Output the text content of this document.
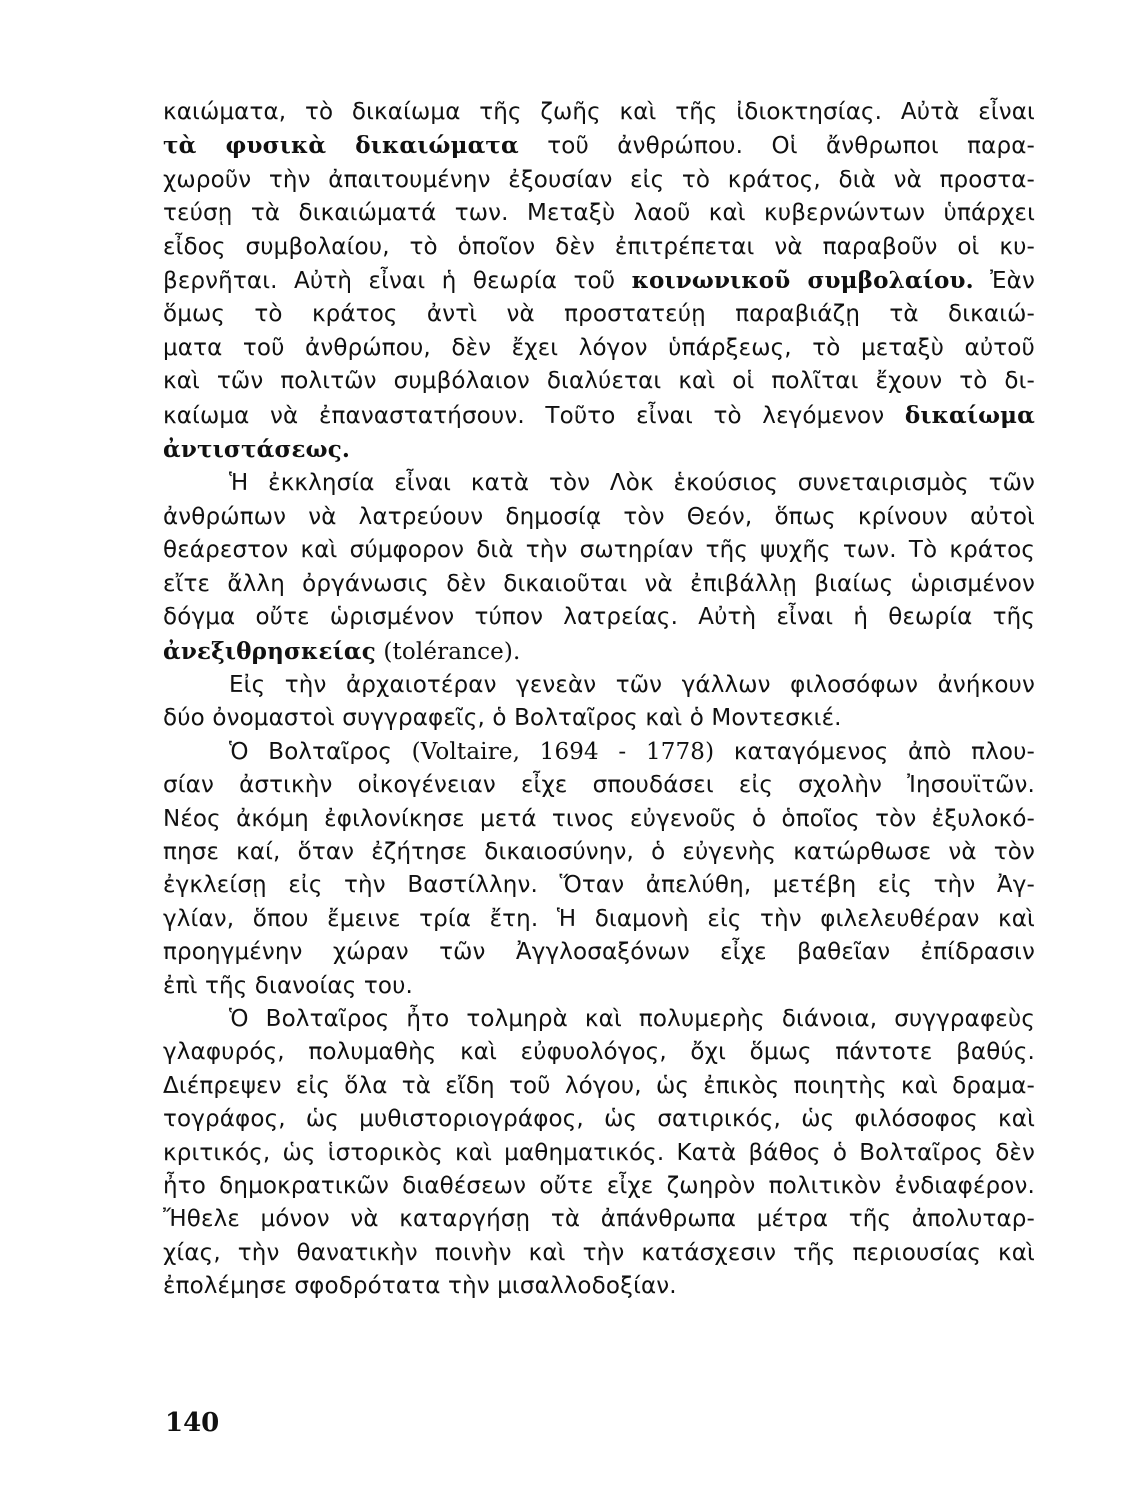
καιώματα, τὸ δικαίωμα τῆς ζωῆς καὶ τῆς ἰδιοκτησίας. Αὐτὰ εἶναι
τὰ φυσικὰ δικαιώματα τοῦ ἀνθρώπου. Οἱ ἄνθρωποι παρα-
χωροῦν τὴν ἀπαιτουμένην ἐξουσίαν εἰς τὸ κράτος, διὰ νὰ προστα-
τεύσῃ τὰ δικαιώματά των. Μεταξὺ λαοῦ καὶ κυβερνώντων ὑπάρχει
εἶδος συμβολαίου, τὸ ὁποῖον δὲν ἐπιτρέπεται νὰ παραβοῦν οἱ κυ-
βερνῆται. Αὐτὴ εἶναι ἡ θεωρία τοῦ κοινωνικοῦ συμβολαίου. Ἐὰν
ὅμως τὸ κράτος ἀντὶ νὰ προστατεύῃ παραβιάζῃ τὰ δικαιώ-
ματα τοῦ ἀνθρώπου, δὲν ἔχει λόγον ὑπάρξεως, τὸ μεταξὺ αὐτοῦ
καὶ τῶν πολιτῶν συμβόλαιον διαλύεται καὶ οἱ πολῖται ἔχουν τὸ δι-
καίωμα νὰ ἐπαναστατήσουν. Τοῦτο εἶναι τὸ λεγόμενον δικαίωμα
ἀντιστάσεως.
Ἡ ἐκκλησία εἶναι κατὰ τὸν Λὸκ ἑκούσιος συνεταιρισμὸς τῶν
ἀνθρώπων νὰ λατρεύουν δημοσίᾳ τὸν Θεόν, ὅπως κρίνουν αὐτοὶ
θεάρεστον καὶ σύμφορον διὰ τὴν σωτηρίαν τῆς ψυχῆς των. Τὸ κράτος
εἴτε ἄλλη ὀργάνωσις δὲν δικαιοῦται νὰ ἐπιβάλλῃ βιαίως ὡρισμένον
δόγμα οὔτε ὡρισμένον τύπον λατρείας. Αὐτὴ εἶναι ἡ θεωρία τῆς
ἀνεξιθρησκείας (tolérance).
Εἰς τὴν ἀρχαιοτέραν γενεὰν τῶν γάλλων φιλοσόφων ἀνήκουν
δύο ὀνομαστοὶ συγγραφεῖς, ὁ Βολταῖρος καὶ ὁ Μοντεσκιέ.
Ὁ Βολταῖρος (Voltaire, 1694 - 1778) καταγόμενος ἀπὸ πλου-
σίαν ἀστικὴν οἰκογένειαν εἶχε σπουδάσει εἰς σχολὴν Ἰησουϊτῶν.
Νέος ἀκόμη ἐφιλονίκησε μετά τινος εὐγενοῦς ὁ ὁποῖος τὸν ἐξυλοκό-
πησε καί, ὅταν ἐζήτησε δικαιοσύνην, ὁ εὐγενὴς κατώρθωσε νὰ τὸν
ἐγκλείσῃ εἰς τὴν Βαστίλλην. Ὅταν ἀπελύθη, μετέβη εἰς τὴν Ἀγ-
γλίαν, ὅπου ἔμεινε τρία ἔτη. Ἡ διαμονὴ εἰς τὴν φιλελευθέραν καὶ
προηγμένην χώραν τῶν Ἀγγλοσαξόνων εἶχε βαθεῖαν ἐπίδρασιν
ἐπὶ τῆς διανοίας του.
Ὁ Βολταῖρος ἦτο τολμηρὰ καὶ πολυμερὴς διάνοια, συγγραφεὺς
γλαφυρός, πολυμαθὴς καὶ εὐφυολόγος, ὄχι ὅμως πάντοτε βαθύς.
Διέπρεψεν εἰς ὅλα τὰ εἴδη τοῦ λόγου, ὡς ἐπικὸς ποιητὴς καὶ δραμα-
τογράφος, ὡς μυθιστοριογράφος, ὡς σατιρικός, ὡς φιλόσοφος καὶ
κριτικός, ὡς ἱστορικὸς καὶ μαθηματικός. Κατὰ βάθος ὁ Βολταῖρος δὲν
ἦτο δημοκρατικῶν διαθέσεων οὔτε εἶχε ζωηρὸν πολιτικὸν ἐνδιαφέρον.
Ἤθελε μόνον νὰ καταργήσῃ τὰ ἀπάνθρωπα μέτρα τῆς ἀπολυταρ-
χίας, τὴν θανατικὴν ποινὴν καὶ τὴν κατάσχεσιν τῆς περιουσίας καὶ
ἐπολέμησε σφοδρότατα τὴν μισαλλοδοξίαν.
140
